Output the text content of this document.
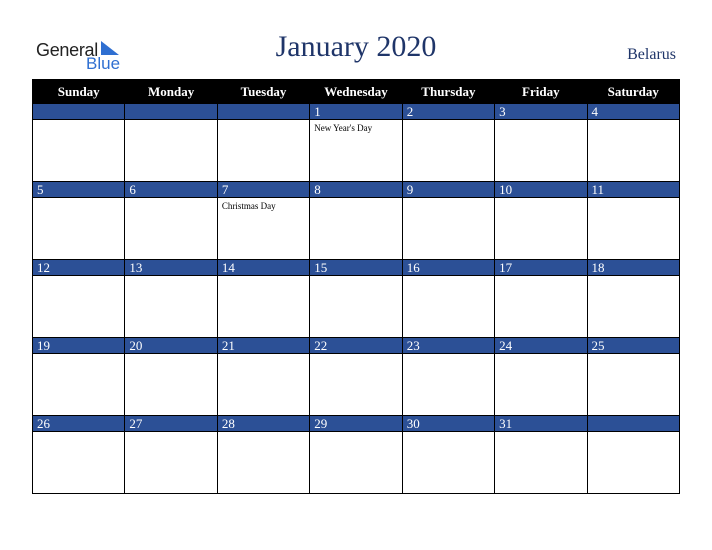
General
Blue
January 2020	Belarus
Sunday	Monday	Tuesday	Wednesday	Thursday	Friday	Saturday
			1	2	3	4

			New Year's Day			

5	6	7	8	9	10	11

		Christmas Day				

12	13	14	15	16	17	18

19	20	21	22	23	24	25

26	27	28	29	30	31	
